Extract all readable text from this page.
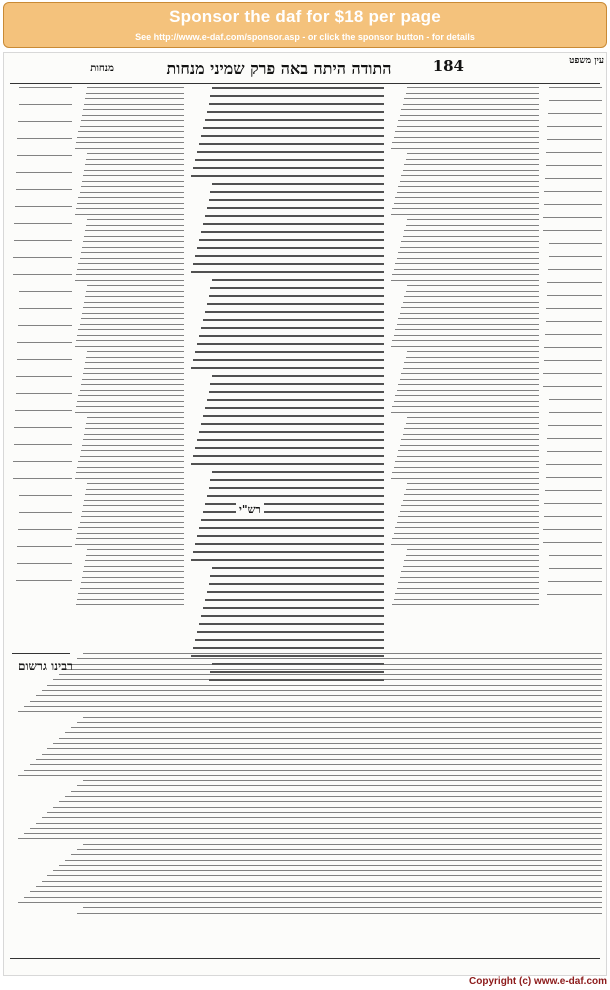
Sponsor the daf for $18 per page
See http://www.e-daf.com/sponsor.asp - or click the sponsor button - for details
עין משפט
184
התודה היתה באה פרק שמיני מנחות
מנחות
רש"י
רבינו גרשום
Copyright (c) www.e-daf.com
